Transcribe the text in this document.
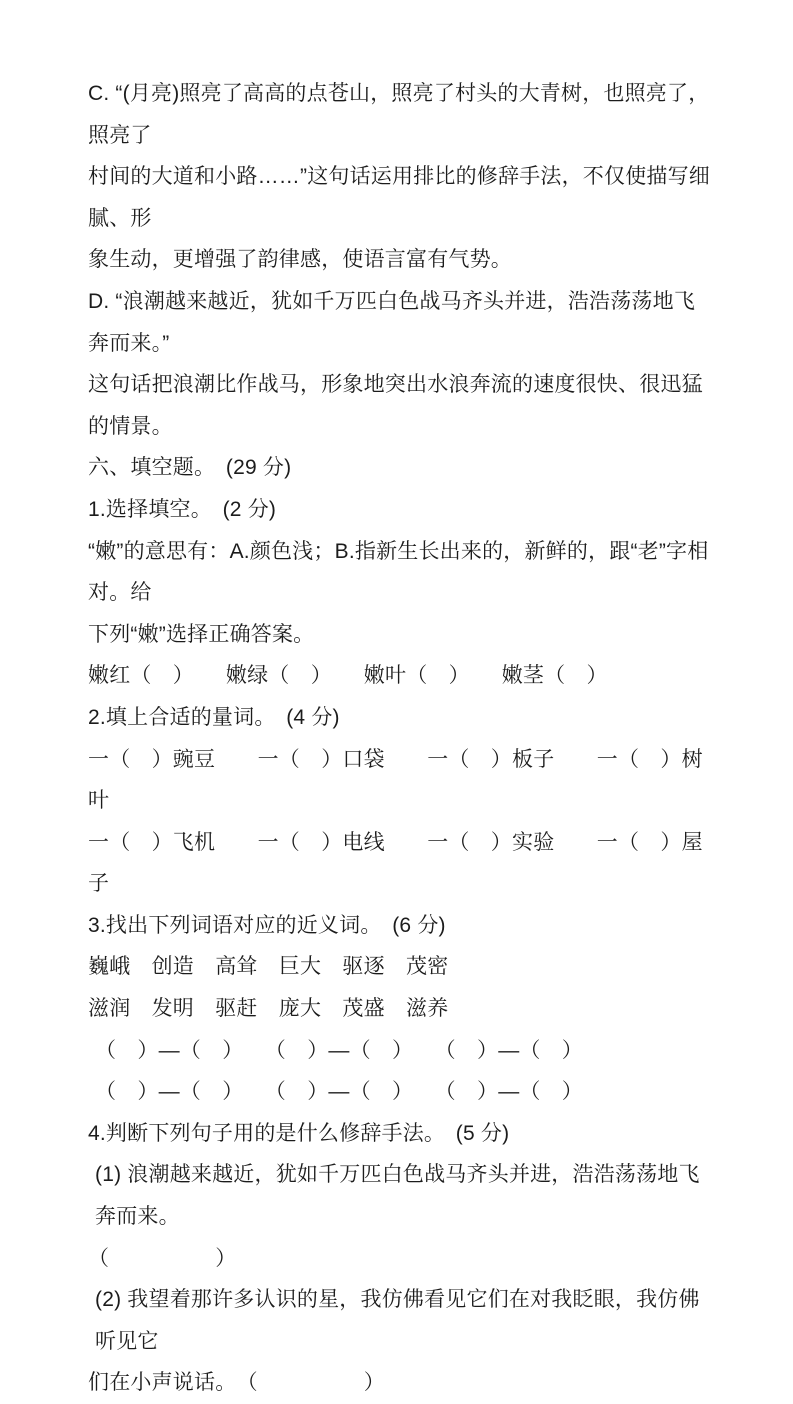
C. “(月亮)照亮了高高的点苍山，照亮了村头的大青树，也照亮了，照亮了

村间的大道和小路……”这句话运用排比的修辞手法，不仅使描写细腻、形

象生动，更增强了韵律感，使语言富有气势。

D. “浪潮越来越近，犹如千万匹白色战马齐头并进，浩浩荡荡地飞奔而来。”

这句话把浪潮比作战马，形象地突出水浪奔流的速度很快、很迅猛的情景。

六、填空题。　(29 分)

1.选择填空。　(2 分)

“嫩”的意思有：A.颜色浅；B.指新生长出来的，新鲜的，跟“老”字相对。给

下列“嫩”选择正确答案。

嫩红（　）　　嫩绿（　）　　嫩叶（　）　　嫩茎（　）

2.填上合适的量词。　(4 分)

一（　）豌豆　　一（　）口袋　　一（　）板子　　一（　）树叶

一（　）飞机　　一（　）电线　　一（　）实验　　一（　）屋子

3.找出下列词语对应的近义词。　(6 分)

巍峨　创造　高耸　巨大　驱逐　茂密

滋润　发明　驱赶　庞大　茂盛　滋养

（　）—（　）　　（　）—（　）　　（　）—（　）

（　）—（　）　　（　）—（　）　　（　）—（　）

4.判断下列句子用的是什么修辞手法。　(5 分)

(1) 浪潮越来越近，犹如千万匹白色战马齐头并进，浩浩荡荡地飞奔而来。

（　　　　　）

(2) 我望着那许多认识的星，我仿佛看见它们在对我眨眼，我仿佛听见它

们在小声说话。　（　　　　　）
